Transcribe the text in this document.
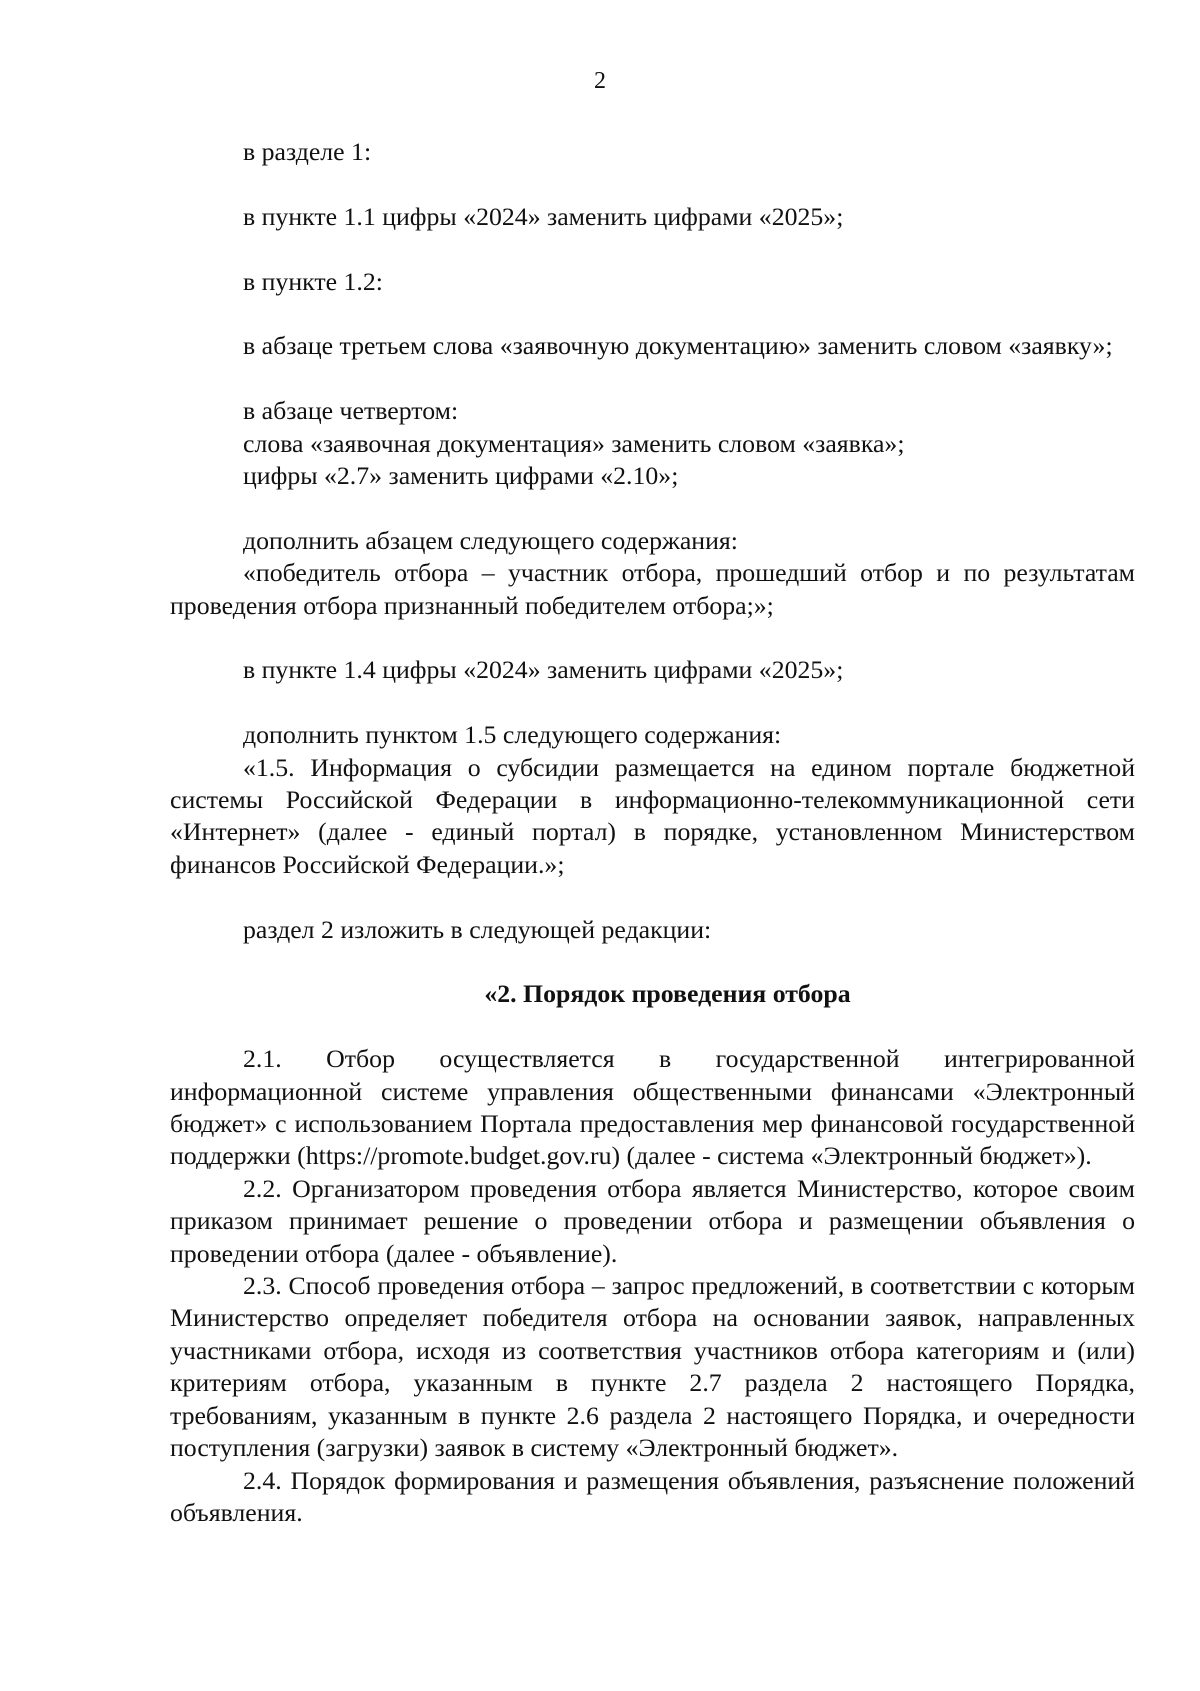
2

в разделе 1:

в пункте 1.1 цифры «2024» заменить цифрами «2025»;

в пункте 1.2:

в абзаце третьем слова «заявочную документацию» заменить словом «заявку»;

в абзаце четвертом:

слова «заявочная документация» заменить словом «заявка»;

цифры «2.7» заменить цифрами «2.10»;

дополнить абзацем следующего содержания:

«победитель отбора – участник отбора, прошедший отбор и по результатам проведения отбора признанный победителем отбора;»;

в пункте 1.4 цифры «2024» заменить цифрами «2025»;

дополнить пунктом 1.5 следующего содержания:

«1.5. Информация о субсидии размещается на едином портале бюджетной системы Российской Федерации в информационно-телекоммуникационной сети «Интернет» (далее - единый портал) в порядке, установленном Министерством финансов Российской Федерации.»;

раздел 2 изложить в следующей редакции:

«2. Порядок проведения отбора

2.1. Отбор осуществляется в государственной интегрированной информационной системе управления общественными финансами «Электронный бюджет» с использованием Портала предоставления мер финансовой государственной поддержки (https://promote.budget.gov.ru) (далее - система «Электронный бюджет»).

2.2. Организатором проведения отбора является Министерство, которое своим приказом принимает решение о проведении отбора и размещении объявления о проведении отбора (далее - объявление).

2.3. Способ проведения отбора – запрос предложений, в соответствии с которым Министерство определяет победителя отбора на основании заявок, направленных участниками отбора, исходя из соответствия участников отбора категориям и (или) критериям отбора, указанным в пункте 2.7 раздела 2 настоящего Порядка, требованиям, указанным в пункте 2.6 раздела 2 настоящего Порядка, и очередности поступления (загрузки) заявок в систему «Электронный бюджет».

2.4. Порядок формирования и размещения объявления, разъяснение положений объявления.
